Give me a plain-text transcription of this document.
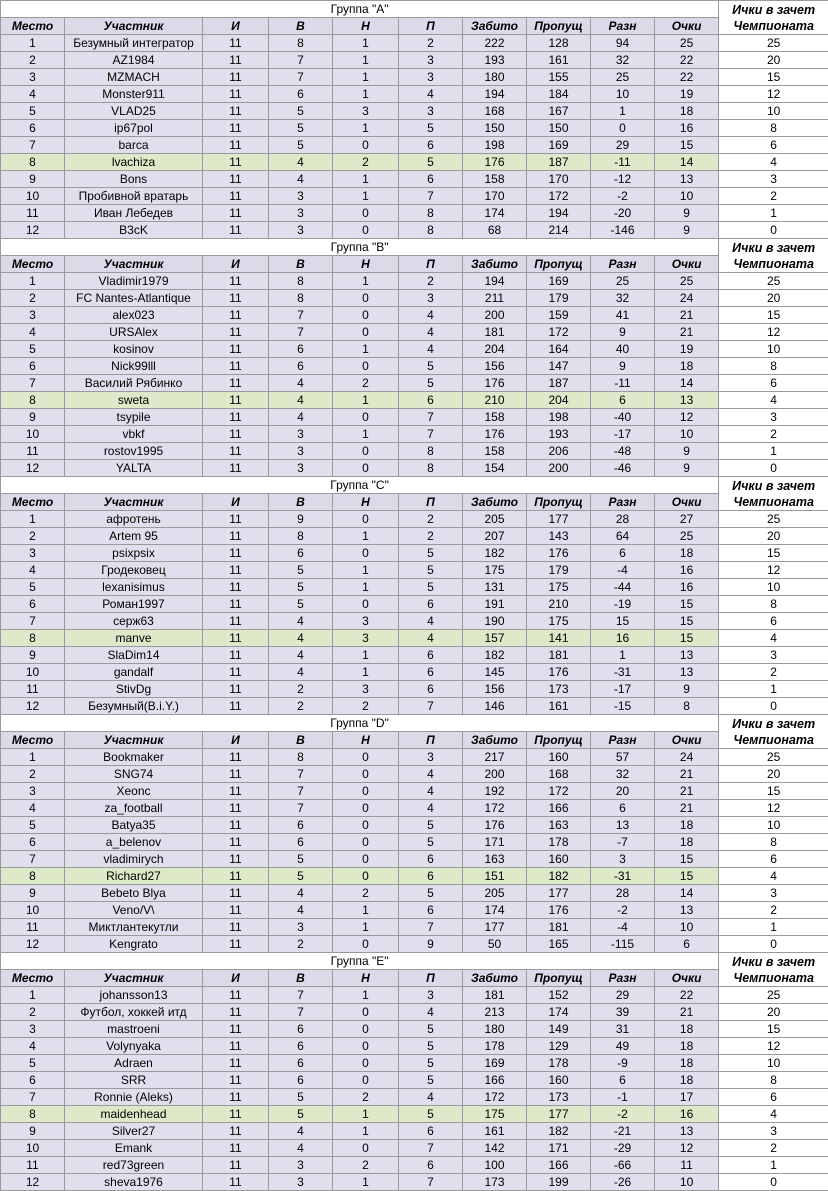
Группа "A"										Ички в зачет
Чемпионата

Место	Участник	И	В	Н	П	Забито	Пропущ	Разн	Очки	
1	Безумный интегратор	11	8	1	2	222	128	94	25	25
2	AZ1984	11	7	1	3	193	161	32	22	20
3	MZMACH	11	7	1	3	180	155	25	22	15
4	Monster911	11	6	1	4	194	184	10	19	12
5	VLAD25	11	5	3	3	168	167	1	18	10
6	ip67pol	11	5	1	5	150	150	0	16	8
7	barca	11	5	0	6	198	169	29	15	6
8	lvachiza	11	4	2	5	176	187	-11	14	4
9	Bons	11	4	1	6	158	170	-12	13	3
10	Пробивной вратарь	11	3	1	7	170	172	-2	10	2
11	Иван Лебедев	11	3	0	8	174	194	-20	9	1
12	B3cK	11	3	0	8	68	214	-146	9	0
Группа "B"										Ички в зачет
Чемпионата

Место	Участник	И	В	Н	П	Забито	Пропущ	Разн	Очки	
1	Vladimir1979	11	8	1	2	194	169	25	25	25
2	FC Nantes-Atlantique	11	8	0	3	211	179	32	24	20
3	alex023	11	7	0	4	200	159	41	21	15
4	URSAlex	11	7	0	4	181	172	9	21	12
5	kosinov	11	6	1	4	204	164	40	19	10
6	Nick99lll	11	6	0	5	156	147	9	18	8
7	Василий Рябинко	11	4	2	5	176	187	-11	14	6
8	sweta	11	4	1	6	210	204	6	13	4
9	tsypile	11	4	0	7	158	198	-40	12	3
10	vbkf	11	3	1	7	176	193	-17	10	2
11	rostov1995	11	3	0	8	158	206	-48	9	1
12	YALTA	11	3	0	8	154	200	-46	9	0
Группа "C"										Ички в зачет
Чемпионата

Место	Участник	И	В	Н	П	Забито	Пропущ	Разн	Очки	
1	афротень	11	9	0	2	205	177	28	27	25
2	Artem 95	11	8	1	2	207	143	64	25	20
3	psixpsix	11	6	0	5	182	176	6	18	15
4	Гродековец	11	5	1	5	175	179	-4	16	12
5	lexanisimus	11	5	1	5	131	175	-44	16	10
6	Роман1997	11	5	0	6	191	210	-19	15	8
7	серж63	11	4	3	4	190	175	15	15	6
8	manve	11	4	3	4	157	141	16	15	4
9	SlaDim14	11	4	1	6	182	181	1	13	3
10	gandalf	11	4	1	6	145	176	-31	13	2
11	StivDg	11	2	3	6	156	173	-17	9	1
12	Безумный(B.i.Y.)	11	2	2	7	146	161	-15	8	0
Группа "D"										Ички в зачет
Чемпионата

Место	Участник	И	В	Н	П	Забито	Пропущ	Разн	Очки	
1	Bookmaker	11	8	0	3	217	160	57	24	25
2	SNG74	11	7	0	4	200	168	32	21	20
3	Xeonc	11	7	0	4	192	172	20	21	15
4	za_football	11	7	0	4	172	166	6	21	12
5	Batya35	11	6	0	5	176	163	13	18	10
6	a_belenov	11	6	0	5	171	178	-7	18	8
7	vladimirych	11	5	0	6	163	160	3	15	6
8	Richard27	11	5	0	6	151	182	-31	15	4
9	Bebeto Blya	11	4	2	5	205	177	28	14	3
10	Veno/V\	11	4	1	6	174	176	-2	13	2
11	Миктлантекутли	11	3	1	7	177	181	-4	10	1
12	Kengrato	11	2	0	9	50	165	-115	6	0
Группа "E"										Ички в зачет
Чемпионата

Место	Участник	И	В	Н	П	Забито	Пропущ	Разн	Очки	
1	johansson13	11	7	1	3	181	152	29	22	25
2	Футбол, хоккей итд	11	7	0	4	213	174	39	21	20
3	mastroeni	11	6	0	5	180	149	31	18	15
4	Volynyaka	11	6	0	5	178	129	49	18	12
5	Adraen	11	6	0	5	169	178	-9	18	10
6	SRR	11	6	0	5	166	160	6	18	8
7	Ronnie (Aleks)	11	5	2	4	172	173	-1	17	6
8	maidenhead	11	5	1	5	175	177	-2	16	4
9	Silver27	11	4	1	6	161	182	-21	13	3
10	Emank	11	4	0	7	142	171	-29	12	2
11	red73green	11	3	2	6	100	166	-66	11	1
12	sheva1976	11	3	1	7	173	199	-26	10	0
